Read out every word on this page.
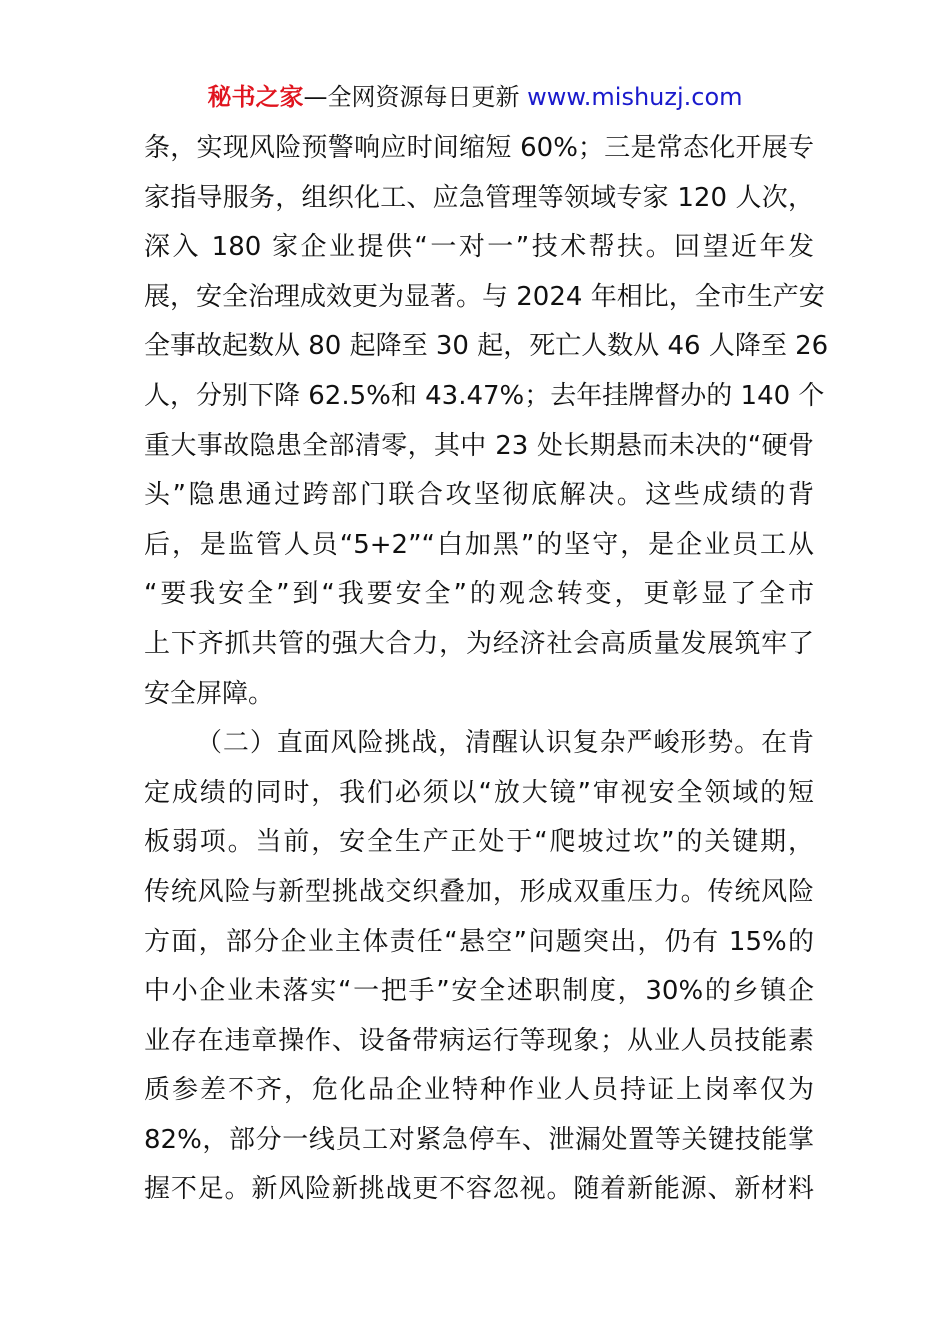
秘书之家—全网资源每日更新 www.mishuzj.com
条，实现风险预警响应时间缩短 60%；三是常态化开展专
家指导服务，组织化工、应急管理等领域专家 120 人次，
深入 180 家企业提供“一对一”技术帮扶。回望近年发
展，安全治理成效更为显著。与 2024 年相比，全市生产安
全事故起数从 80 起降至 30 起，死亡人数从 46 人降至 26
人，分别下降 62.5%和 43.47%；去年挂牌督办的 140 个
重大事故隐患全部清零，其中 23 处长期悬而未决的“硬骨
头”隐患通过跨部门联合攻坚彻底解决。这些成绩的背
后，是监管人员“5+2”“白加黑”的坚守，是企业员工从
“要我安全”到“我要安全”的观念转变，更彰显了全市
上下齐抓共管的强大合力，为经济社会高质量发展筑牢了
安全屏障。
（二）直面风险挑战，清醒认识复杂严峻形势。在肯
定成绩的同时，我们必须以“放大镜”审视安全领域的短
板弱项。当前，安全生产正处于“爬坡过坎”的关键期，
传统风险与新型挑战交织叠加，形成双重压力。传统风险
方面，部分企业主体责任“悬空”问题突出，仍有 15%的
中小企业未落实“一把手”安全述职制度，30%的乡镇企
业存在违章操作、设备带病运行等现象；从业人员技能素
质参差不齐，危化品企业特种作业人员持证上岗率仅为
82%，部分一线员工对紧急停车、泄漏处置等关键技能掌
握不足。新风险新挑战更不容忽视。随着新能源、新材料
